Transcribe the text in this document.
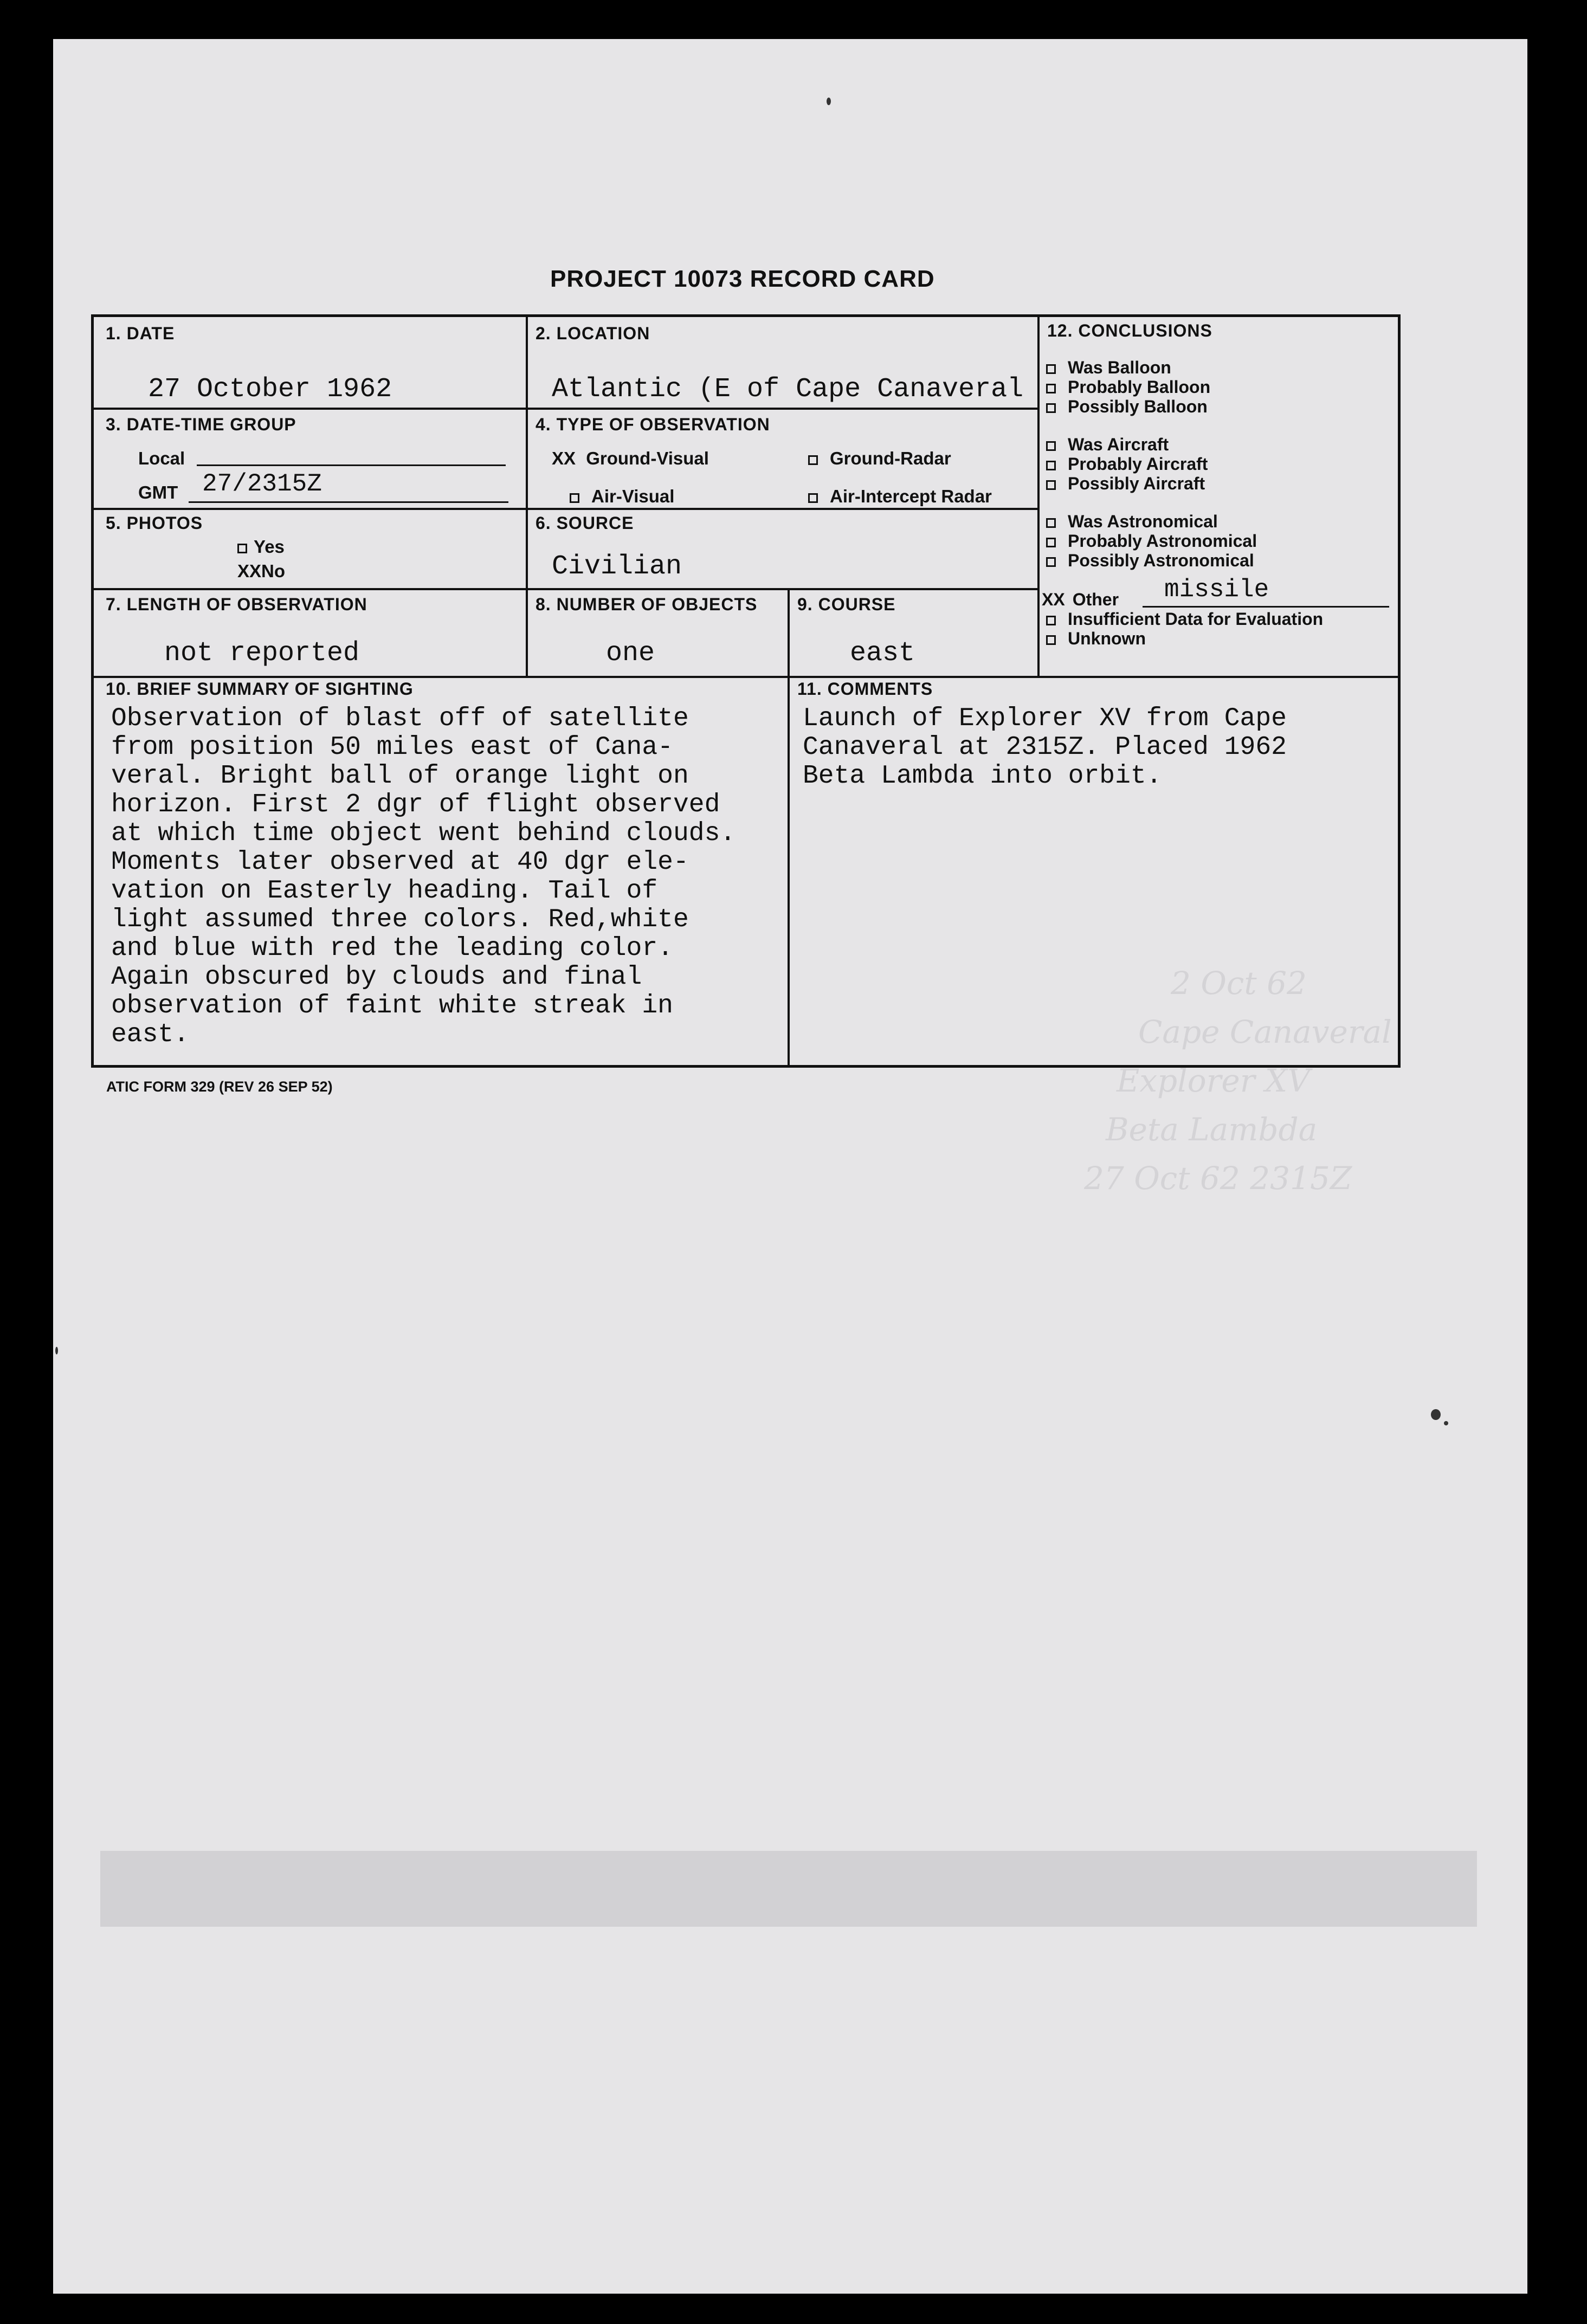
2 Oct 62
Cape Canaveral
Explorer XV
Beta Lambda
27 Oct 62 2315Z
PROJECT 10073 RECORD CARD
1. DATE
27 October 1962
2. LOCATION
Atlantic (E of Cape Canaveral
3. DATE-TIME GROUP
Local
GMT 27/2315Z
4. TYPE OF OBSERVATION
XX Ground-Visual	Ground-Radar
Air-Visual	Air-Intercept Radar
5. PHOTOS
Yes
XXNo
6. SOURCE
Civilian
7. LENGTH OF OBSERVATION
not reported
8. NUMBER OF OBJECTS
one
9. COURSE
east
10. BRIEF SUMMARY OF SIGHTING
Observation of blast off of satellite
from position 50 miles east of Cana-
veral. Bright ball of orange light on
horizon. First 2 dgr of flight observed
at which time object went behind clouds.
Moments later observed at 40 dgr ele-
vation on Easterly heading. Tail of
light assumed three colors. Red,white
and blue with red the leading color.
Again obscured by clouds and final
observation of faint white streak in
east.
11. COMMENTS
Launch of Explorer XV from Cape
Canaveral at 2315Z. Placed 1962
Beta Lambda into orbit.
12. CONCLUSIONS
Was Balloon
Probably Balloon
Possibly Balloon
Was Aircraft
Probably Aircraft
Possibly Aircraft
Was Astronomical
Probably Astronomical
Possibly Astronomical
XX Other missile
Insufficient Data for Evaluation
Unknown
ATIC FORM 329 (REV 26 SEP 52)
